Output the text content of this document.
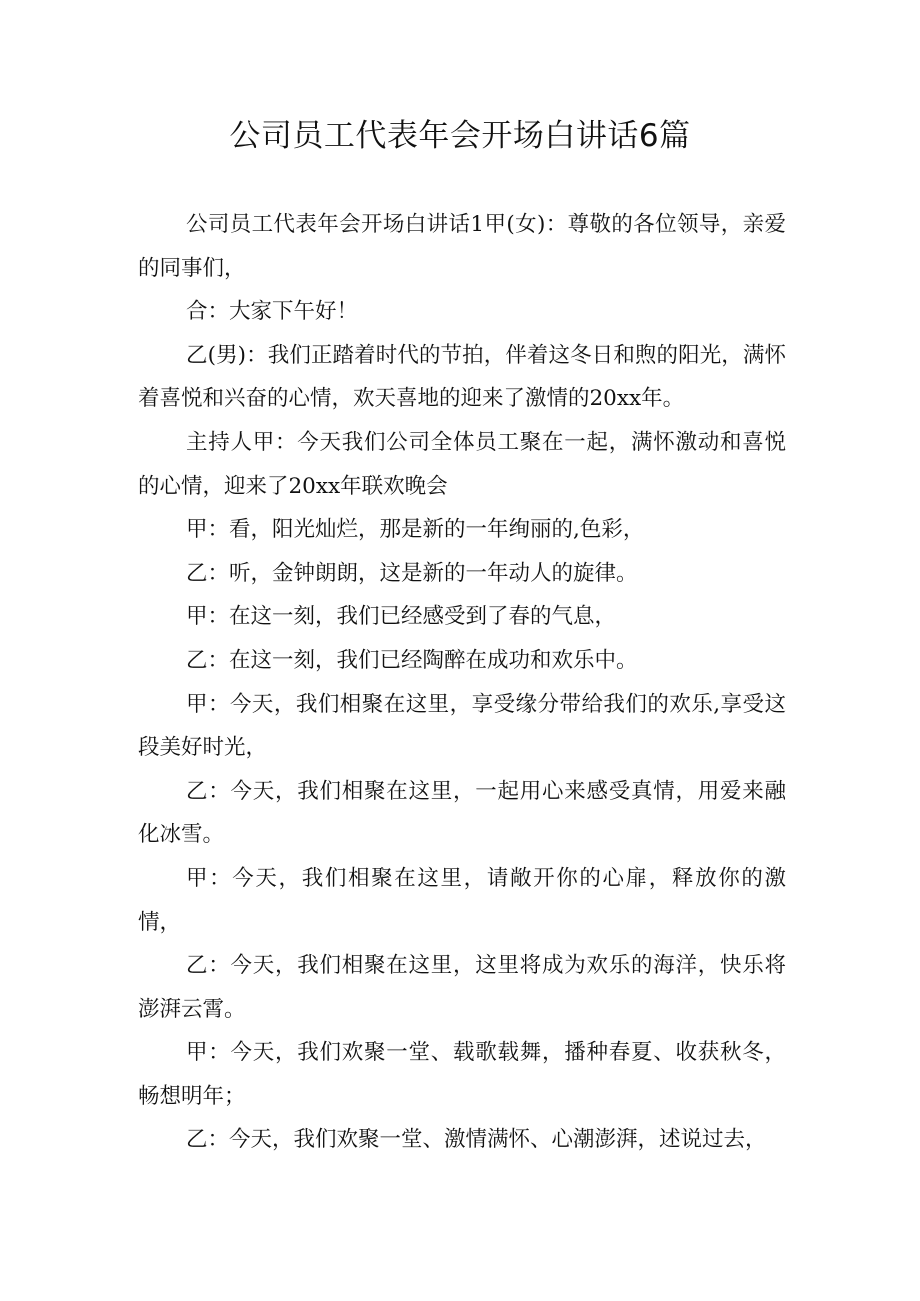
公司员工代表年会开场白讲话6篇

公司员工代表年会开场白讲话1甲(女)：尊敬的各位领导，亲爱的同事们，

合：大家下午好！

乙(男)：我们正踏着时代的节拍，伴着这冬日和煦的阳光，满怀着喜悦和兴奋的心情，欢天喜地的迎来了激情的20xx年。

主持人甲：今天我们公司全体员工聚在一起，满怀激动和喜悦的心情，迎来了20xx年联欢晚会

甲：看，阳光灿烂，那是新的一年绚丽的,色彩，

乙：听，金钟朗朗，这是新的一年动人的旋律。

甲：在这一刻，我们已经感受到了春的气息，

乙：在这一刻，我们已经陶醉在成功和欢乐中。

甲：今天，我们相聚在这里，享受缘分带给我们的欢乐,享受这段美好时光，

乙：今天，我们相聚在这里，一起用心来感受真情，用爱来融化冰雪。

甲：今天，我们相聚在这里，请敞开你的心扉，释放你的激情，

乙：今天，我们相聚在这里，这里将成为欢乐的海洋，快乐将澎湃云霄。

甲：今天，我们欢聚一堂、载歌载舞，播种春夏、收获秋冬，畅想明年；

乙：今天，我们欢聚一堂、激情满怀、心潮澎湃，述说过去，
